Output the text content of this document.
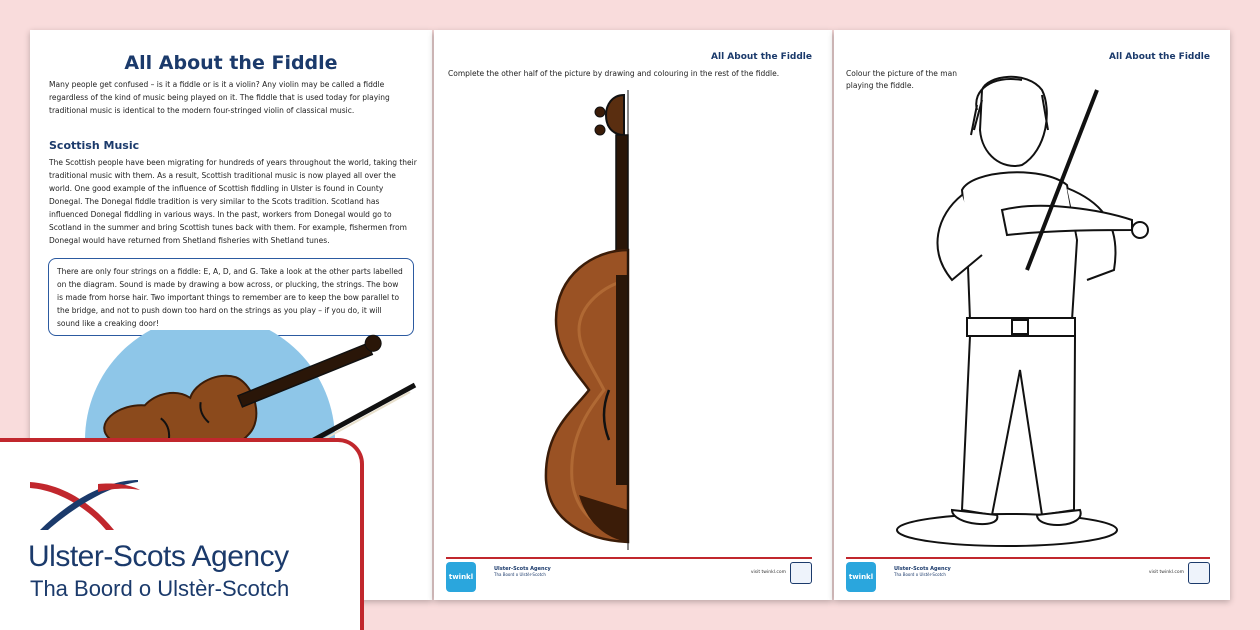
All About the Fiddle
Many people get confused – is it a fiddle or is it a violin? Any violin may be called a fiddle regardless of the kind of music being played on it. The fiddle that is used today for playing traditional music is identical to the modern four-stringed violin of classical music.
Scottish Music
The Scottish people have been migrating for hundreds of years throughout the world, taking their traditional music with them. As a result, Scottish traditional music is now played all over the world. One good example of the influence of Scottish fiddling in Ulster is found in County Donegal. The Donegal fiddle tradition is very similar to the Scots tradition. Scotland has influenced Donegal fiddling in various ways. In the past, workers from Donegal would go to Scotland in the summer and bring Scottish tunes back with them. For example, fishermen from Donegal would have returned from Shetland fisheries with Shetland tunes.
There are only four strings on a fiddle: E, A, D, and G. Take a look at the other parts labelled on the diagram. Sound is made by drawing a bow across, or plucking, the strings. The bow is made from horse hair. Two important things to remember are to keep the bow parallel to the bridge, and not to push down too hard on the strings as you play – if you do, it will sound like a creaking door!
All About the Fiddle
Complete the other half of the picture by drawing and colouring in the rest of the fiddle.
twinkl
Ulster-Scots Agency
Tha Boord o Ulstèr-Scotch	visit twinkl.com
All About the Fiddle
Colour the picture of the man playing the fiddle.
twinkl
Ulster-Scots Agency
Tha Boord o Ulstèr-Scotch	visit twinkl.com
Ulster-Scots Agency
Tha Boord o Ulstèr-Scotch
